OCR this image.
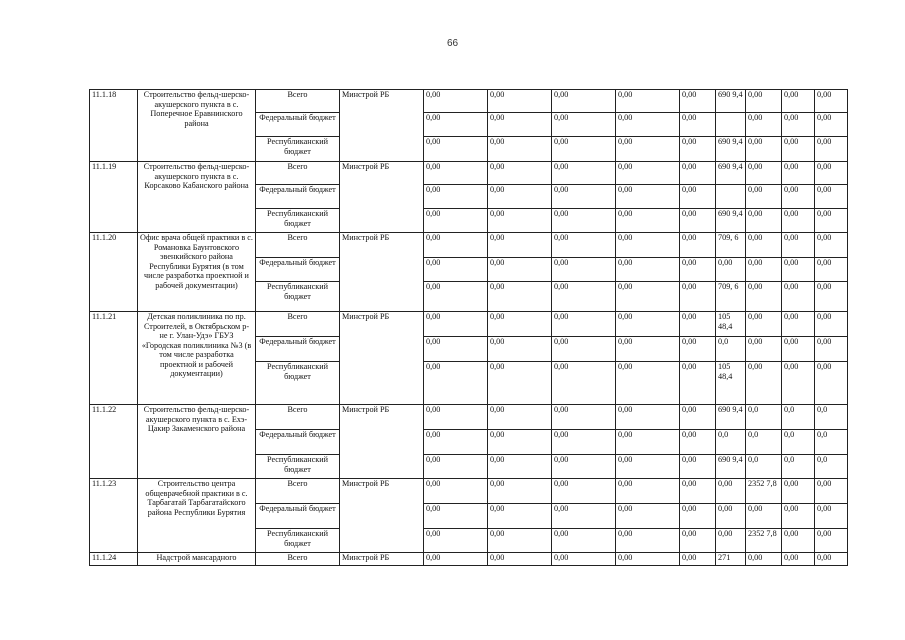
66
11.1.18	Строительство фельд-шерско-акушерского пункта в с. Поперечное Еравнинского района	Всего	Минстрой РБ	0,00	0,00	0,00	0,00	0,00	690 9,4	0,00	0,00	0,00
		Федеральный бюджет		0,00	0,00	0,00	0,00	0,00		0,00	0,00	0,00
		Республиканский бюджет		0,00	0,00	0,00	0,00	0,00	690 9,4	0,00	0,00	0,00
11.1.19	Строительство фельд-шерско-акушерского пункта в с. Корсаково Кабанского района	Всего	Минстрой РБ	0,00	0,00	0,00	0,00	0,00	690 9,4	0,00	0,00	0,00
		Федеральный бюджет		0,00	0,00	0,00	0,00	0,00		0,00	0,00	0,00
		Республиканский бюджет		0,00	0,00	0,00	0,00	0,00	690 9,4	0,00	0,00	0,00
11.1.20	Офис врача общей практики в с. Романовка Баунтовского эвенкийского района Республики Бурятия (в том числе разработка проектной и рабочей документации)	Всего	Минстрой РБ	0,00	0,00	0,00	0,00	0,00	709, 6	0,00	0,00	0,00
		Федеральный бюджет		0,00	0,00	0,00	0,00	0,00	0,00	0,00	0,00	0,00
		Республиканский бюджет		0,00	0,00	0,00	0,00	0,00	709, 6	0,00	0,00	0,00
11.1.21	Детская поликлиника по пр. Строителей, в Октябрьском р-не г. Улан-Удэ» ГБУЗ «Городская поликлиника №3 (в том числе разработка проектной и рабочей документации)	Всего	Минстрой РБ	0,00	0,00	0,00	0,00	0,00	105 48,4	0,00	0,00	0,00
		Федеральный бюджет		0,00	0,00	0,00	0,00	0,00	0,0	0,00	0,00	0,00
		Республиканский бюджет		0,00	0,00	0,00	0,00	0,00	105 48,4	0,00	0,00	0,00
11.1.22	Строительство фельд-шерско-акушерского пункта в с. Ехэ-Цакир Закаменского района	Всего	Минстрой РБ	0,00	0,00	0,00	0,00	0,00	690 9,4	0,0	0,0	0,0
		Федеральный бюджет		0,00	0,00	0,00	0,00	0,00	0,0	0,0	0,0	0,0
		Республиканский бюджет		0,00	0,00	0,00	0,00	0,00	690 9,4	0,0	0,0	0,0
11.1.23	Строительство центра общеврачебной практики в с. Тарбагатай Тарбагатайского района Республики Бурятия	Всего	Минстрой РБ	0,00	0,00	0,00	0,00	0,00	0,00	2352 7,8	0,00	0,00
		Федеральный бюджет		0,00	0,00	0,00	0,00	0,00	0,00	0,00	0,00	0,00
		Республиканский бюджет		0,00	0,00	0,00	0,00	0,00	0,00	2352 7,8	0,00	0,00
11.1.24	Надстрой мансардного	Всего	Минстрой РБ	0,00	0,00	0,00	0,00	0,00	271	0,00	0,00	0,00
